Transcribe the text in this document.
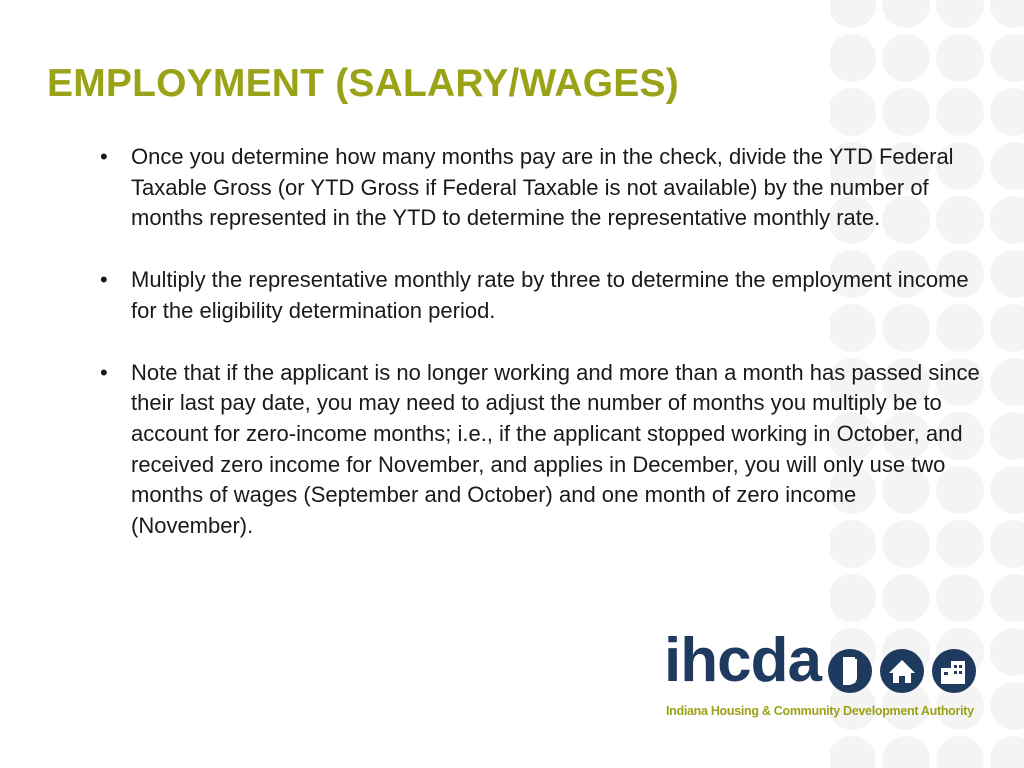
EMPLOYMENT (SALARY/WAGES)
• Once you determine how many months pay are in the check, divide the YTD Federal Taxable Gross (or YTD Gross if Federal Taxable is not available) by the number of months represented in the YTD to determine the representative monthly rate.
• Multiply the representative monthly rate by three to determine the employment income for the eligibility determination period.
• Note that if the applicant is no longer working and more than a month has passed since their last pay date, you may need to adjust the number of months you multiply be to account for zero-income months; i.e., if the applicant stopped working in October, and received zero income for November, and applies in December, you will only use two months of wages (September and October) and one month of zero income (November).
ihcda
Indiana Housing & Community Development Authority
